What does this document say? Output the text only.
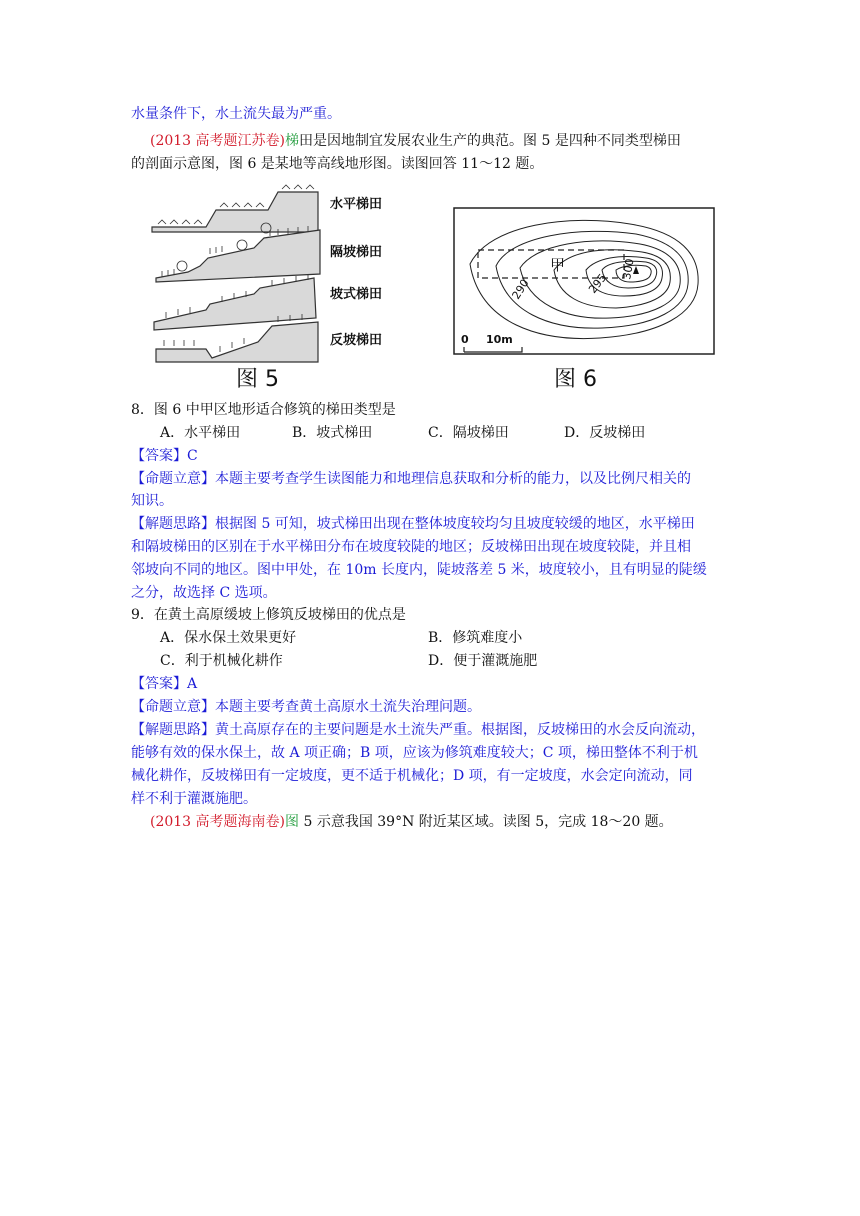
水量条件下，水土流失最为严重。
(2013 高考题江苏卷)梯田是因地制宜发展农业生产的典范。图 5 是四种不同类型梯田
的剖面示意图，图 6 是某地等高线地形图。读图回答 11～12 题。
水平梯田
隔坡梯田
坡式梯田
反坡梯田
图 5
甲
290	295
300
0 10m
图 6
8．图 6 中甲区地形适合修筑的梯田类型是
A．水平梯田	B．坡式梯田	C．隔坡梯田	D．反坡梯田
【答案】C
【命题立意】本题主要考查学生读图能力和地理信息获取和分析的能力，以及比例尺相关的
知识。
【解题思路】根据图 5 可知，坡式梯田出现在整体坡度较均匀且坡度较缓的地区，水平梯田
和隔坡梯田的区别在于水平梯田分布在坡度较陡的地区；反坡梯田出现在坡度较陡，并且相
邻坡向不同的地区。图中甲处，在 10m 长度内，陡坡落差 5 米，坡度较小，且有明显的陡缓
之分，故选择 C 选项。
9．在黄土高原缓坡上修筑反坡梯田的优点是
A．保水保土效果更好	B．修筑难度小
C．利于机械化耕作	D．便于灌溉施肥
【答案】A
【命题立意】本题主要考查黄土高原水土流失治理问题。
【解题思路】黄土高原存在的主要问题是水土流失严重。根据图，反坡梯田的水会反向流动，
能够有效的保水保土，故 A 项正确；B 项，应该为修筑难度较大；C 项，梯田整体不利于机
械化耕作，反坡梯田有一定坡度，更不适于机械化；D 项，有一定坡度，水会定向流动，同
样不利于灌溉施肥。
(2013 高考题海南卷)图 5 示意我国 39°N 附近某区域。读图 5，完成 18～20 题。
